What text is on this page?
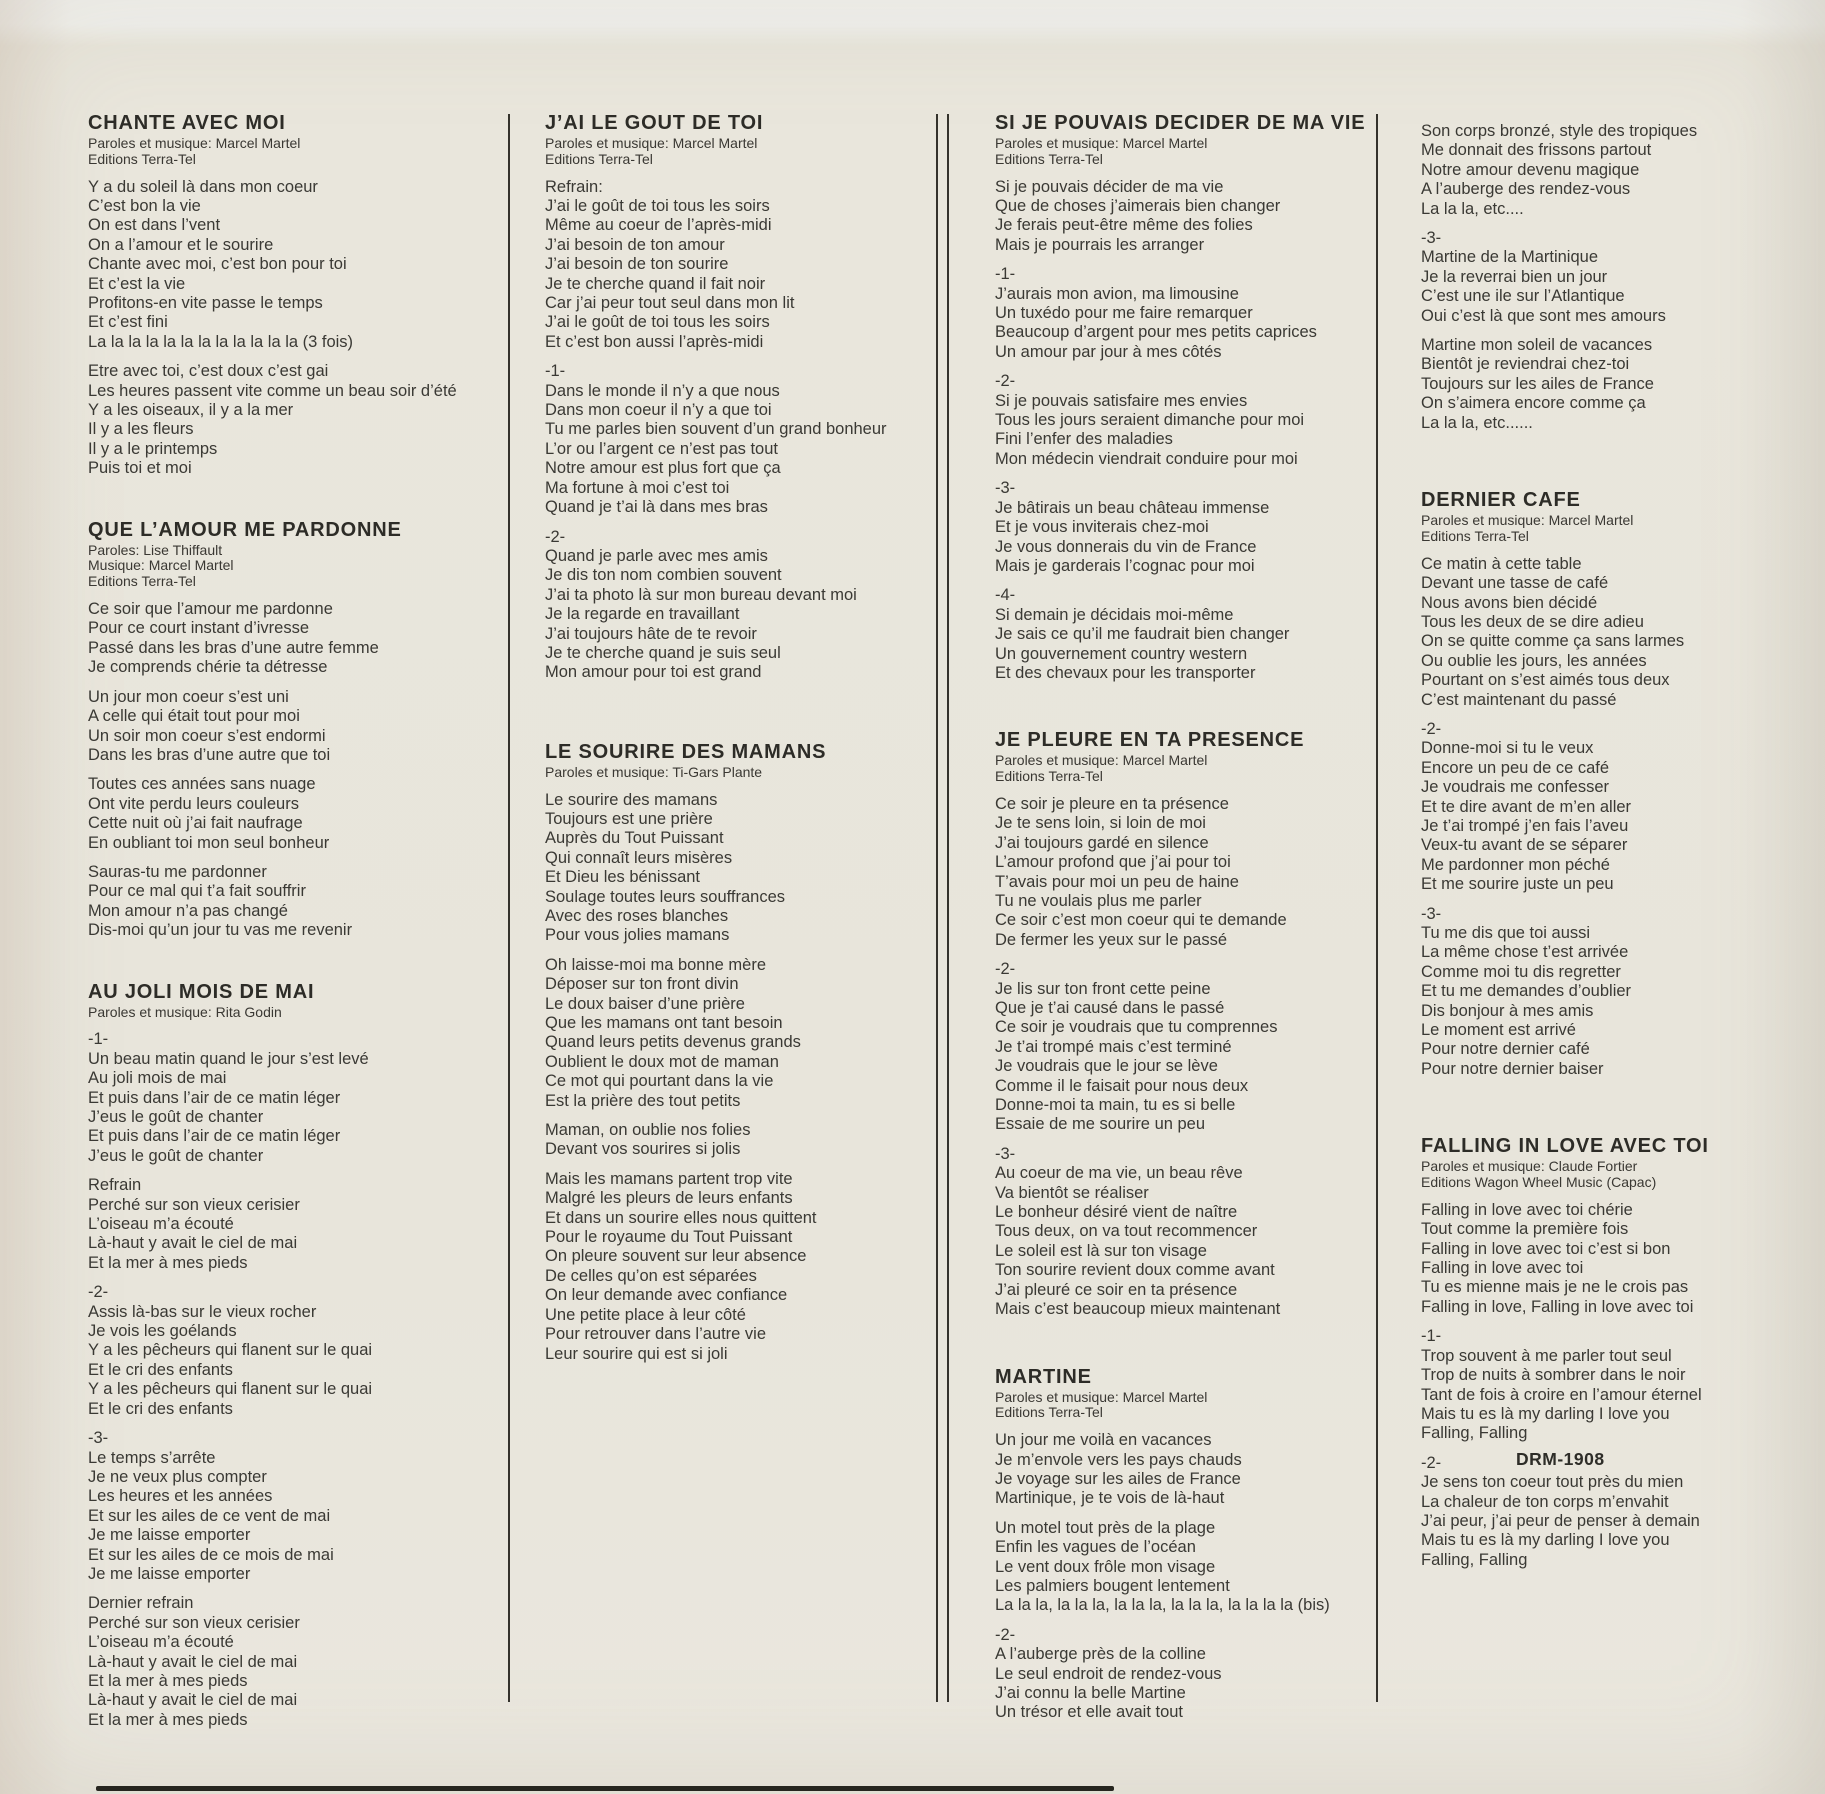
CHANTE AVEC MOI
Paroles et musique: Marcel Martel
Editions Terra-Tel
Y a du soleil là dans mon coeur
C’est bon la vie
On est dans l’vent
On a l’amour et le sourire
Chante avec moi, c’est bon pour toi
Et c’est la vie
Profitons-en vite passe le temps
Et c’est fini
La la la la la la la la la la la la (3 fois)
Etre avec toi, c’est doux c’est gai
Les heures passent vite comme un beau soir d’été
Y a les oiseaux, il y a la mer
Il y a les fleurs
Il y a le printemps
Puis toi et moi
QUE L’AMOUR ME PARDONNE
Paroles: Lise Thiffault
Musique: Marcel Martel
Editions Terra-Tel
Ce soir que l’amour me pardonne
Pour ce court instant d’ivresse
Passé dans les bras d’une autre femme
Je comprends chérie ta détresse
Un jour mon coeur s’est uni
A celle qui était tout pour moi
Un soir mon coeur s’est endormi
Dans les bras d’une autre que toi
Toutes ces années sans nuage
Ont vite perdu leurs couleurs
Cette nuit où j’ai fait naufrage
En oubliant toi mon seul bonheur
Sauras-tu me pardonner
Pour ce mal qui t’a fait souffrir
Mon amour n’a pas changé
Dis-moi qu’un jour tu vas me revenir
AU JOLI MOIS DE MAI
Paroles et musique: Rita Godin
-1-
Un beau matin quand le jour s’est levé
Au joli mois de mai
Et puis dans l’air de ce matin léger
J’eus le goût de chanter
Et puis dans l’air de ce matin léger
J’eus le goût de chanter
Refrain
Perché sur son vieux cerisier
L’oiseau m’a écouté
Là-haut y avait le ciel de mai
Et la mer à mes pieds
-2-
Assis là-bas sur le vieux rocher
Je vois les goélands
Y a les pêcheurs qui flanent sur le quai
Et le cri des enfants
Y a les pêcheurs qui flanent sur le quai
Et le cri des enfants
-3-
Le temps s’arrête
Je ne veux plus compter
Les heures et les années
Et sur les ailes de ce vent de mai
Je me laisse emporter
Et sur les ailes de ce mois de mai
Je me laisse emporter
Dernier refrain
Perché sur son vieux cerisier
L’oiseau m’a écouté
Là-haut y avait le ciel de mai
Et la mer à mes pieds
Là-haut y avait le ciel de mai
Et la mer à mes pieds
J’AI LE GOUT DE TOI
Paroles et musique: Marcel Martel
Editions Terra-Tel
Refrain:
J’ai le goût de toi tous les soirs
Même au coeur de l’après-midi
J’ai besoin de ton amour
J’ai besoin de ton sourire
Je te cherche quand il fait noir
Car j’ai peur tout seul dans mon lit
J’ai le goût de toi tous les soirs
Et c’est bon aussi l’après-midi
-1-
Dans le monde il n’y a que nous
Dans mon coeur il n’y a que toi
Tu me parles bien souvent d’un grand bonheur
L’or ou l’argent ce n’est pas tout
Notre amour est plus fort que ça
Ma fortune à moi c’est toi
Quand je t’ai là dans mes bras
-2-
Quand je parle avec mes amis
Je dis ton nom combien souvent
J’ai ta photo là sur mon bureau devant moi
Je la regarde en travaillant
J’ai toujours hâte de te revoir
Je te cherche quand je suis seul
Mon amour pour toi est grand
LE SOURIRE DES MAMANS
Paroles et musique: Ti-Gars Plante
Le sourire des mamans
Toujours est une prière
Auprès du Tout Puissant
Qui connaît leurs misères
Et Dieu les bénissant
Soulage toutes leurs souffrances
Avec des roses blanches
Pour vous jolies mamans
Oh laisse-moi ma bonne mère
Déposer sur ton front divin
Le doux baiser d’une prière
Que les mamans ont tant besoin
Quand leurs petits devenus grands
Oublient le doux mot de maman
Ce mot qui pourtant dans la vie
Est la prière des tout petits
Maman, on oublie nos folies
Devant vos sourires si jolis
Mais les mamans partent trop vite
Malgré les pleurs de leurs enfants
Et dans un sourire elles nous quittent
Pour le royaume du Tout Puissant
On pleure souvent sur leur absence
De celles qu’on est séparées
On leur demande avec confiance
Une petite place à leur côté
Pour retrouver dans l’autre vie
Leur sourire qui est si joli
SI JE POUVAIS DECIDER DE MA VIE
Paroles et musique: Marcel Martel
Editions Terra-Tel
Si je pouvais décider de ma vie
Que de choses j’aimerais bien changer
Je ferais peut-être même des folies
Mais je pourrais les arranger
-1-
J’aurais mon avion, ma limousine
Un tuxédo pour me faire remarquer
Beaucoup d’argent pour mes petits caprices
Un amour par jour à mes côtés
-2-
Si je pouvais satisfaire mes envies
Tous les jours seraient dimanche pour moi
Fini l’enfer des maladies
Mon médecin viendrait conduire pour moi
-3-
Je bâtirais un beau château immense
Et je vous inviterais chez-moi
Je vous donnerais du vin de France
Mais je garderais l’cognac pour moi
-4-
Si demain je décidais moi-même
Je sais ce qu’il me faudrait bien changer
Un gouvernement country western
Et des chevaux pour les transporter
JE PLEURE EN TA PRESENCE
Paroles et musique: Marcel Martel
Editions Terra-Tel
Ce soir je pleure en ta présence
Je te sens loin, si loin de moi
J’ai toujours gardé en silence
L’amour profond que j’ai pour toi
T’avais pour moi un peu de haine
Tu ne voulais plus me parler
Ce soir c’est mon coeur qui te demande
De fermer les yeux sur le passé
-2-
Je lis sur ton front cette peine
Que je t’ai causé dans le passé
Ce soir je voudrais que tu comprennes
Je t’ai trompé mais c’est terminé
Je voudrais que le jour se lève
Comme il le faisait pour nous deux
Donne-moi ta main, tu es si belle
Essaie de me sourire un peu
-3-
Au coeur de ma vie, un beau rêve
Va bientôt se réaliser
Le bonheur désiré vient de naître
Tous deux, on va tout recommencer
Le soleil est là sur ton visage
Ton sourire revient doux comme avant
J’ai pleuré ce soir en ta présence
Mais c’est beaucoup mieux maintenant
MARTINE
Paroles et musique: Marcel Martel
Editions Terra-Tel
Un jour me voilà en vacances
Je m’envole vers les pays chauds
Je voyage sur les ailes de France
Martinique, je te vois de là-haut
Un motel tout près de la plage
Enfin les vagues de l’océan
Le vent doux frôle mon visage
Les palmiers bougent lentement
La la la, la la la, la la la, la la la, la la la la (bis)
-2-
A l’auberge près de la colline
Le seul endroit de rendez-vous
J’ai connu la belle Martine
Un trésor et elle avait tout
Son corps bronzé, style des tropiques
Me donnait des frissons partout
Notre amour devenu magique
A l’auberge des rendez-vous
La la la, etc....
-3-
Martine de la Martinique
Je la reverrai bien un jour
C’est une ile sur l’Atlantique
Oui c’est là que sont mes amours
Martine mon soleil de vacances
Bientôt je reviendrai chez-toi
Toujours sur les ailes de France
On s’aimera encore comme ça
La la la, etc......
DERNIER CAFE
Paroles et musique: Marcel Martel
Editions Terra-Tel
Ce matin à cette table
Devant une tasse de café
Nous avons bien décidé
Tous les deux de se dire adieu
On se quitte comme ça sans larmes
Ou oublie les jours, les années
Pourtant on s’est aimés tous deux
C’est maintenant du passé
-2-
Donne-moi si tu le veux
Encore un peu de ce café
Je voudrais me confesser
Et te dire avant de m’en aller
Je t’ai trompé j’en fais l’aveu
Veux-tu avant de se séparer
Me pardonner mon péché
Et me sourire juste un peu
-3-
Tu me dis que toi aussi
La même chose t’est arrivée
Comme moi tu dis regretter
Et tu me demandes d’oublier
Dis bonjour à mes amis
Le moment est arrivé
Pour notre dernier café
Pour notre dernier baiser
FALLING IN LOVE AVEC TOI
Paroles et musique: Claude Fortier
Editions Wagon Wheel Music (Capac)
Falling in love avec toi chérie
Tout comme la première fois
Falling in love avec toi c’est si bon
Falling in love avec toi
Tu es mienne mais je ne le crois pas
Falling in love, Falling in love avec toi
-1-
Trop souvent à me parler tout seul
Trop de nuits à sombrer dans le noir
Tant de fois à croire en l’amour éternel
Mais tu es là my darling I love you
Falling, Falling
-2-
Je sens ton coeur tout près du mien
La chaleur de ton corps m’envahit
J’ai peur, j’ai peur de penser à demain
Mais tu es là my darling I love you
Falling, Falling
DRM-1908
